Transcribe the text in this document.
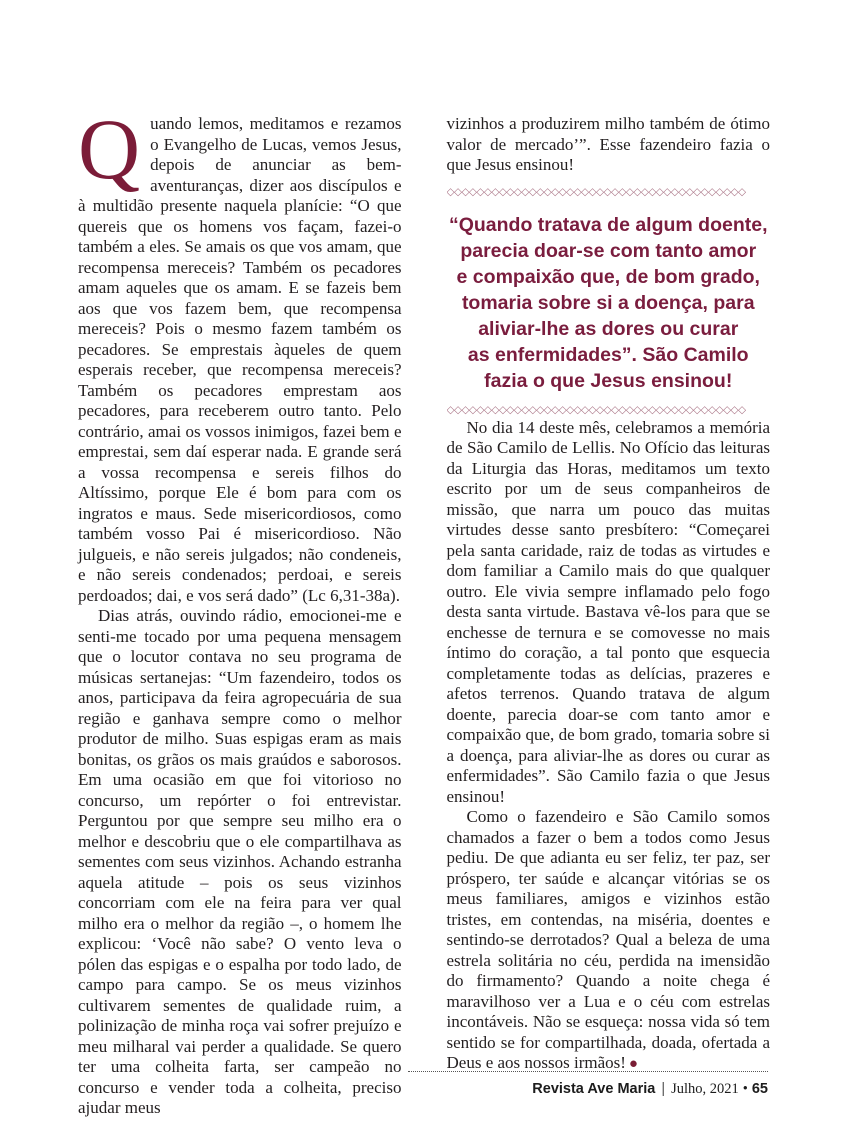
Quando lemos, meditamos e rezamos o Evangelho de Lucas, vemos Jesus, depois de anunciar as bem-aventuranças, dizer aos discípulos e à multidão presente naquela planície: “O que quereis que os homens vos façam, fazei-o também a eles. Se amais os que vos amam, que recompensa mereceis? Também os pecadores amam aqueles que os amam. E se fazeis bem aos que vos fazem bem, que recompensa mereceis? Pois o mesmo fazem também os pecadores. Se emprestais àqueles de quem esperais receber, que recompensa mereceis? Também os pecadores emprestam aos pecadores, para receberem outro tanto. Pelo contrário, amai os vossos inimigos, fazei bem e emprestai, sem daí esperar nada. E grande será a vossa recompensa e sereis filhos do Altíssimo, porque Ele é bom para com os ingratos e maus. Sede misericordiosos, como também vosso Pai é misericordioso. Não julgueis, e não sereis julgados; não condeneis, e não sereis condenados; perdoai, e sereis perdoados; dai, e vos será dado” (Lc 6,31-38a).

Dias atrás, ouvindo rádio, emocionei-me e senti-me tocado por uma pequena mensagem que o locutor contava no seu programa de músicas sertanejas: “Um fazendeiro, todos os anos, participava da feira agropecuária de sua região e ganhava sempre como o melhor produtor de milho. Suas espigas eram as mais bonitas, os grãos os mais graúdos e saborosos. Em uma ocasião em que foi vitorioso no concurso, um repórter o foi entrevistar. Perguntou por que sempre seu milho era o melhor e descobriu que o ele compartilhava as sementes com seus vizinhos. Achando estranha aquela atitude – pois os seus vizinhos concorriam com ele na feira para ver qual milho era o melhor da região –, o homem lhe explicou: ‘Você não sabe? O vento leva o pólen das espigas e o espalha por todo lado, de campo para campo. Se os meus vizinhos cultivarem sementes de qualidade ruim, a polinização de minha roça vai sofrer prejuízo e meu milharal vai perder a qualidade. Se quero ter uma colheita farta, ser campeão no concurso e vender toda a colheita, preciso ajudar meus

vizinhos a produzirem milho também de ótimo valor de mercado’”. Esse fazendeiro fazia o que Jesus ensinou!

◇◇◇◇◇◇◇◇◇◇◇◇◇◇◇◇◇◇◇◇◇◇◇◇◇◇◇◇◇◇◇◇◇◇◇◇◇◇◇◇
“Quando tratava de algum doente,
parecia doar-se com tanto amor
e compaixão que, de bom grado,
tomaria sobre si a doença, para
aliviar-lhe as dores ou curar
as enfermidades”. São Camilo
fazia o que Jesus ensinou!
◇◇◇◇◇◇◇◇◇◇◇◇◇◇◇◇◇◇◇◇◇◇◇◇◇◇◇◇◇◇◇◇◇◇◇◇◇◇◇◇

No dia 14 deste mês, celebramos a memória de São Camilo de Lellis. No Ofício das leituras da Liturgia das Horas, meditamos um texto escrito por um de seus companheiros de missão, que narra um pouco das muitas virtudes desse santo presbítero: “Começarei pela santa caridade, raiz de todas as virtudes e dom familiar a Camilo mais do que qualquer outro. Ele vivia sempre inflamado pelo fogo desta santa virtude. Bastava vê-los para que se enchesse de ternura e se comovesse no mais íntimo do coração, a tal ponto que esquecia completamente todas as delícias, prazeres e afetos terrenos. Quando tratava de algum doente, parecia doar-se com tanto amor e compaixão que, de bom grado, tomaria sobre si a doença, para aliviar-lhe as dores ou curar as enfermidades”. São Camilo fazia o que Jesus ensinou!

Como o fazendeiro e São Camilo somos chamados a fazer o bem a todos como Jesus pediu. De que adianta eu ser feliz, ter paz, ser próspero, ter saúde e alcançar vitórias se os meus familiares, amigos e vizinhos estão tristes, em contendas, na miséria, doentes e sentindo-se derrotados? Qual a beleza de uma estrela solitária no céu, perdida na imensidão do firmamento? Quando a noite chega é maravilhoso ver a Lua e o céu com estrelas incontáveis. Não se esqueça: nossa vida só tem sentido se for compartilhada, doada, ofertada a Deus e aos nossos irmãos! ●

Revista Ave Maria | Julho, 2021 • 65
